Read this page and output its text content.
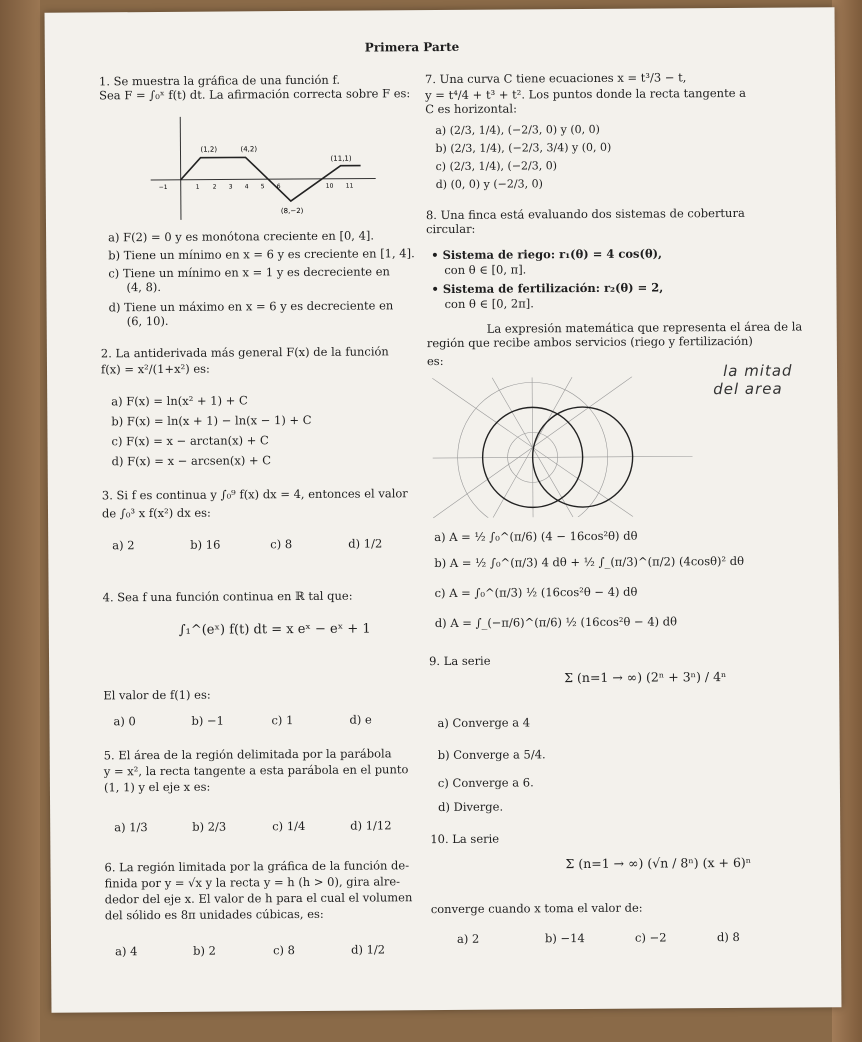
Primera Parte
1. Se muestra la gráfica de una función f.
Sea F = ∫₀ˣ f(t) dt. La afirmación correcta sobre F es:
(1,2)	(4,2)
(11,1)
(8,−2)
1 2 3 4 5 6	10 11
−1
a) F(2) = 0 y es monótona creciente en [0, 4].
b) Tiene un mínimo en x = 6 y es creciente en [1, 4].
c) Tiene un mínimo en x = 1 y es decreciente en
(4, 8).
d) Tiene un máximo en x = 6 y es decreciente en
(6, 10).
2. La antiderivada más general F(x) de la función
f(x) = x²/(1+x²) es:
a) F(x) = ln(x² + 1) + C
b) F(x) = ln(x + 1) − ln(x − 1) + C
c) F(x) = x − arctan(x) + C
d) F(x) = x − arcsen(x) + C
3. Si f es continua y ∫₀⁹ f(x) dx = 4, entonces el valor
de ∫₀³ x f(x²) dx es:
a) 2	b) 16	c) 8	d) 1/2
4. Sea f una función continua en ℝ tal que:
∫₁^(eˣ) f(t) dt = x eˣ − eˣ + 1
El valor de f(1) es:
a) 0	b) −1	c) 1	d) e
5. El área de la región delimitada por la parábola
y = x², la recta tangente a esta parábola en el punto
(1, 1) y el eje x es:
a) 1/3	b) 2/3	c) 1/4	d) 1/12
6. La región limitada por la gráfica de la función de-
finida por y = √x y la recta y = h (h > 0), gira alre-
dedor del eje x. El valor de h para el cual el volumen
del sólido es 8π unidades cúbicas, es:
a) 4	b) 2	c) 8	d) 1/2
7. Una curva C tiene ecuaciones x = t³/3 − t,
y = t⁴/4 + t³ + t². Los puntos donde la recta tangente a
C es horizontal:
a) (2/3, 1/4), (−2/3, 0) y (0, 0)
b) (2/3, 1/4), (−2/3, 3/4) y (0, 0)
c) (2/3, 1/4), (−2/3, 0)
d) (0, 0) y (−2/3, 0)
8. Una finca está evaluando dos sistemas de cobertura
circular:
• Sistema de riego: r₁(θ) = 4 cos(θ),
con θ ∈ [0, π].
• Sistema de fertilización: r₂(θ) = 2,
con θ ∈ [0, 2π].
La expresión matemática que representa el área de la
región que recibe ambos servicios (riego y fertilización)
es:
la mitad
del area
a) A = ½ ∫₀^(π/6) (4 − 16cos²θ) dθ
b) A = ½ ∫₀^(π/3) 4 dθ + ½ ∫_(π/3)^(π/2) (4cosθ)² dθ
c) A = ∫₀^(π/3) ½ (16cos²θ − 4) dθ
d) A = ∫_(−π/6)^(π/6) ½ (16cos²θ − 4) dθ
9. La serie
Σ (n=1 → ∞) (2ⁿ + 3ⁿ) / 4ⁿ
a) Converge a 4
b) Converge a 5/4.
c) Converge a 6.
d) Diverge.
10. La serie
Σ (n=1 → ∞) (√n / 8ⁿ) (x + 6)ⁿ
converge cuando x toma el valor de:
a) 2	b) −14	c) −2	d) 8
